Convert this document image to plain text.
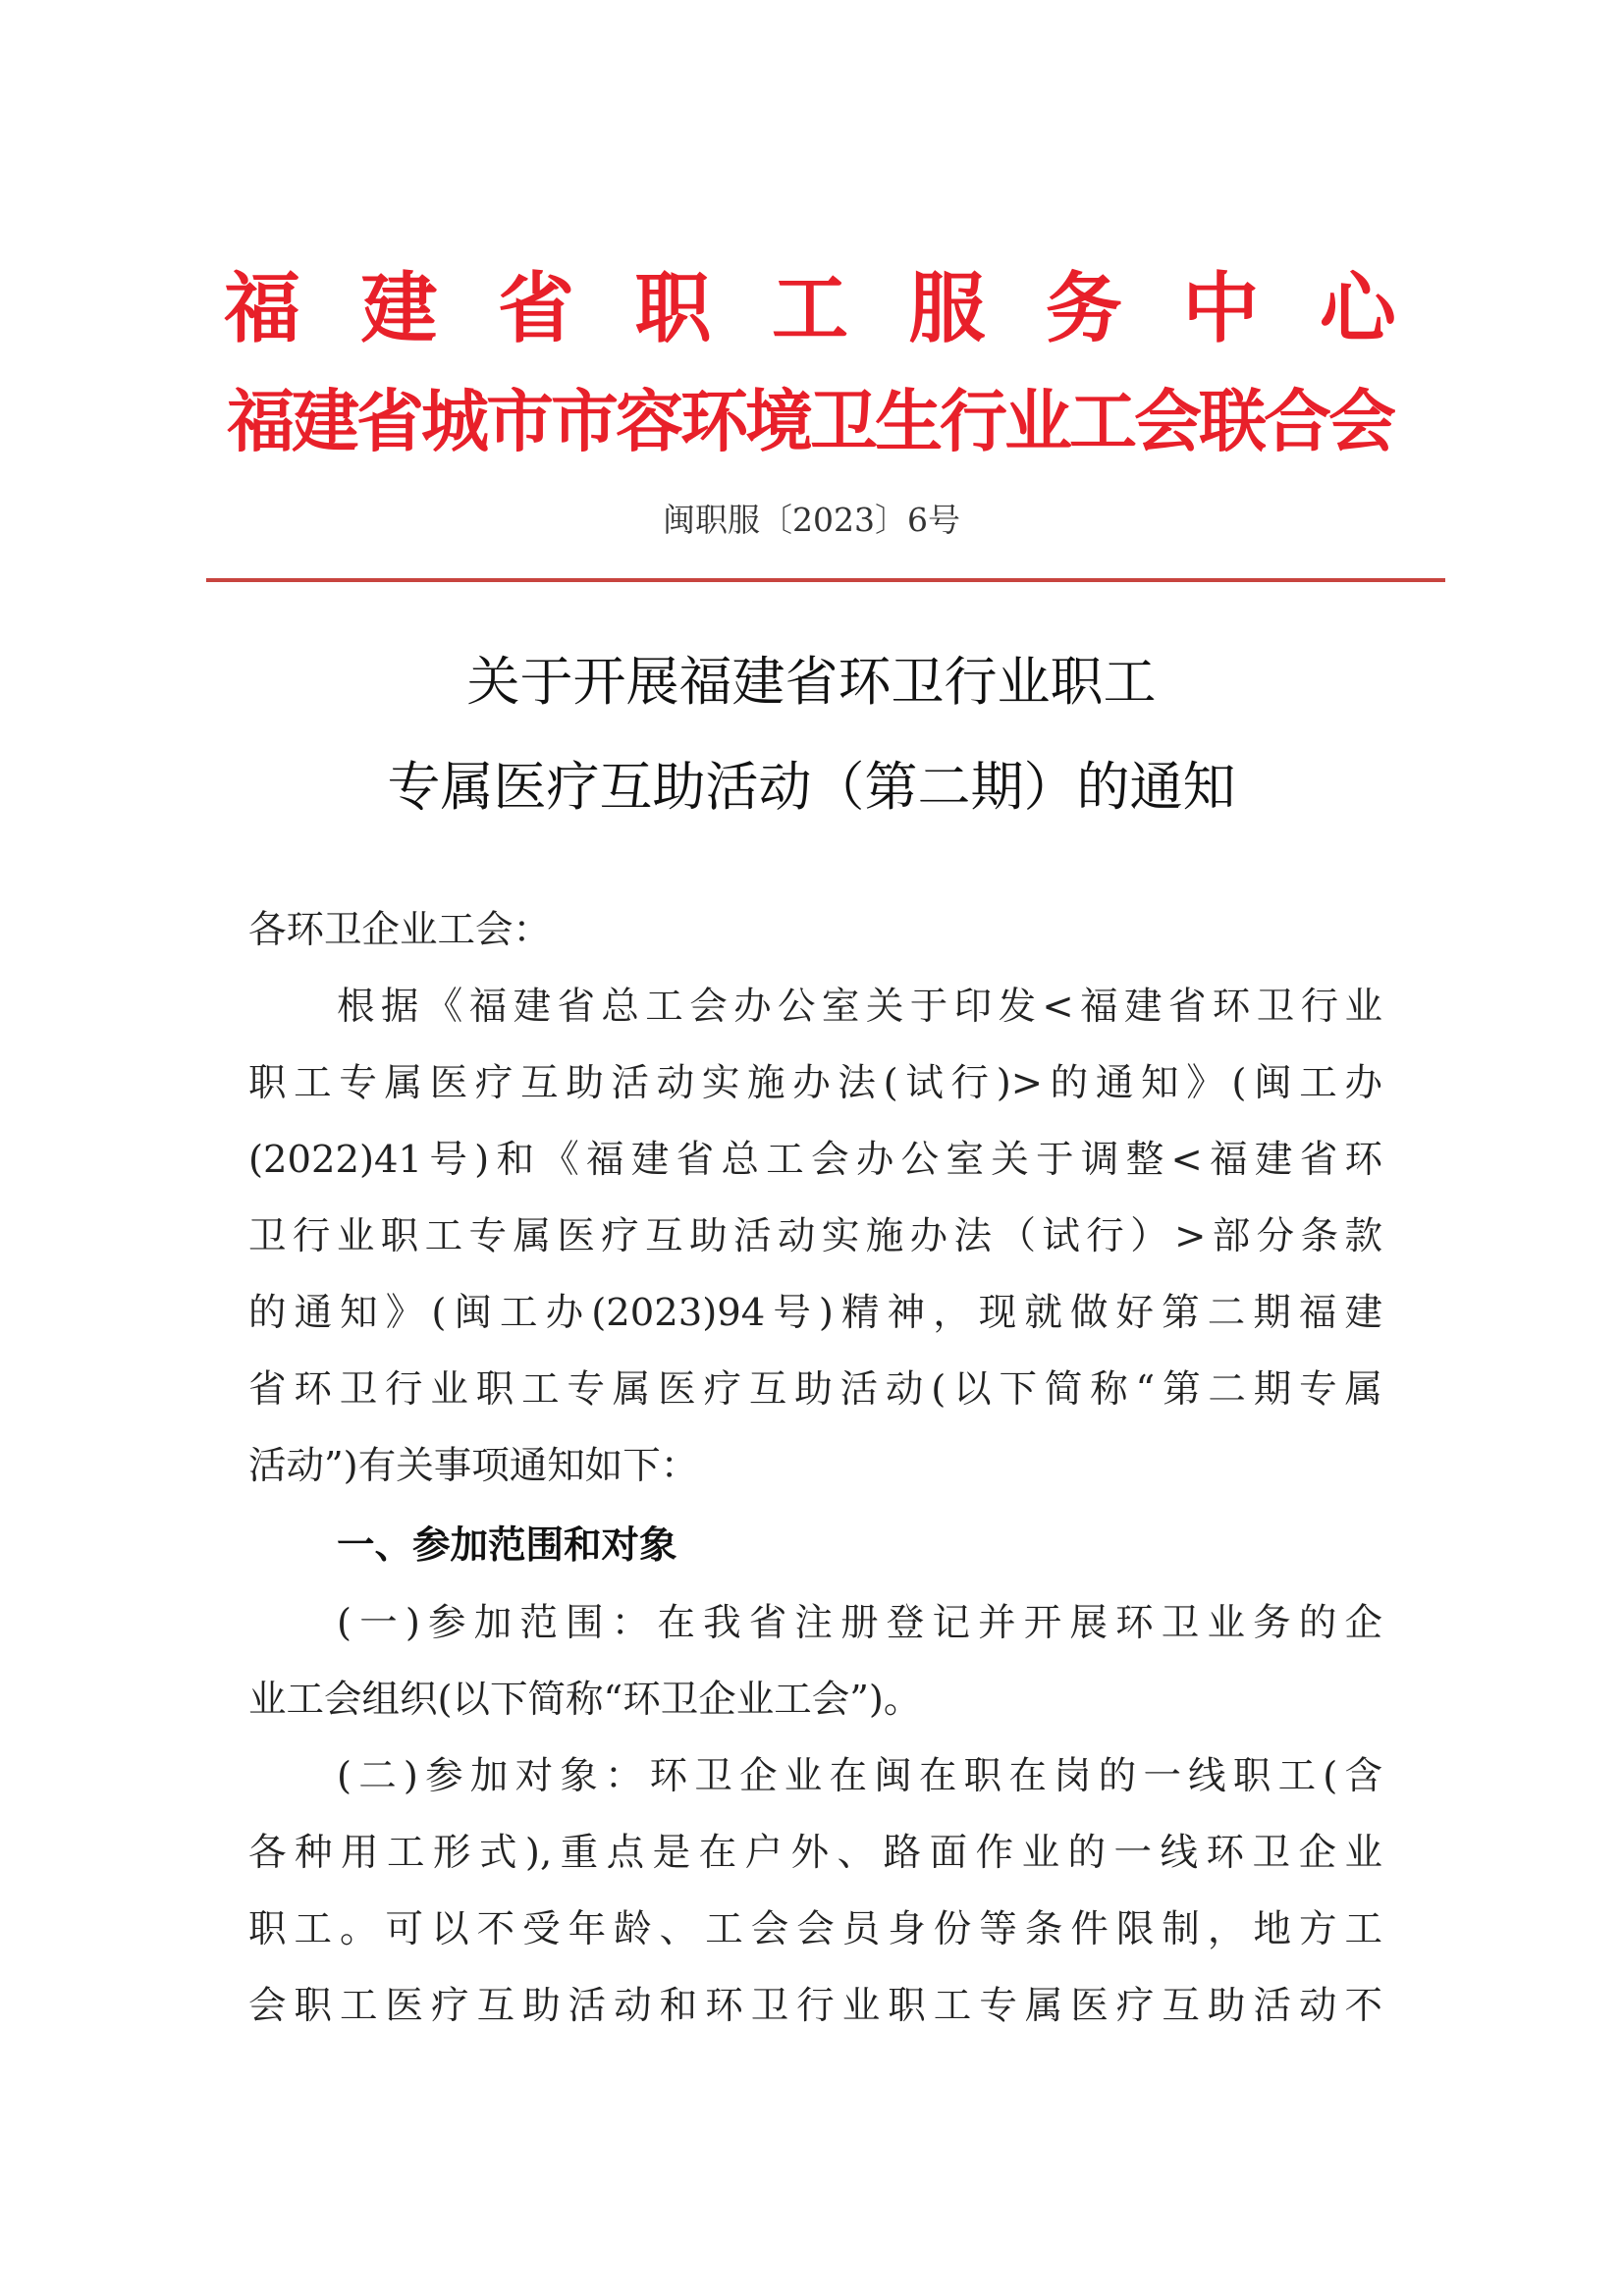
福 建 省 职 工 服 务 中 心
福建省城市市容环境卫生行业工会联合会
闽职服〔2023〕6号
关于开展福建省环卫行业职工
专属医疗互助活动（第二期）的通知
各环卫企业工会：
根据《福建省总工会办公室关于印发<福建省环卫行业
职工专属医疗互助活动实施办法(试行)>的通知》(闽工办
(2022)41号)和《福建省总工会办公室关于调整<福建省环
卫行业职工专属医疗互助活动实施办法（试行）>部分条款
的通知》(闽工办(2023)94号)精神，现就做好第二期福建
省环卫行业职工专属医疗互助活动(以下简称“第二期专属
活动”)有关事项通知如下：
一、参加范围和对象
(一)参加范围：在我省注册登记并开展环卫业务的企
业工会组织(以下简称“环卫企业工会”)。
(二)参加对象：环卫企业在闽在职在岗的一线职工(含
各种用工形式),重点是在户外、路面作业的一线环卫企业
职工。可以不受年龄、工会会员身份等条件限制，地方工
会职工医疗互助活动和环卫行业职工专属医疗互助活动不
